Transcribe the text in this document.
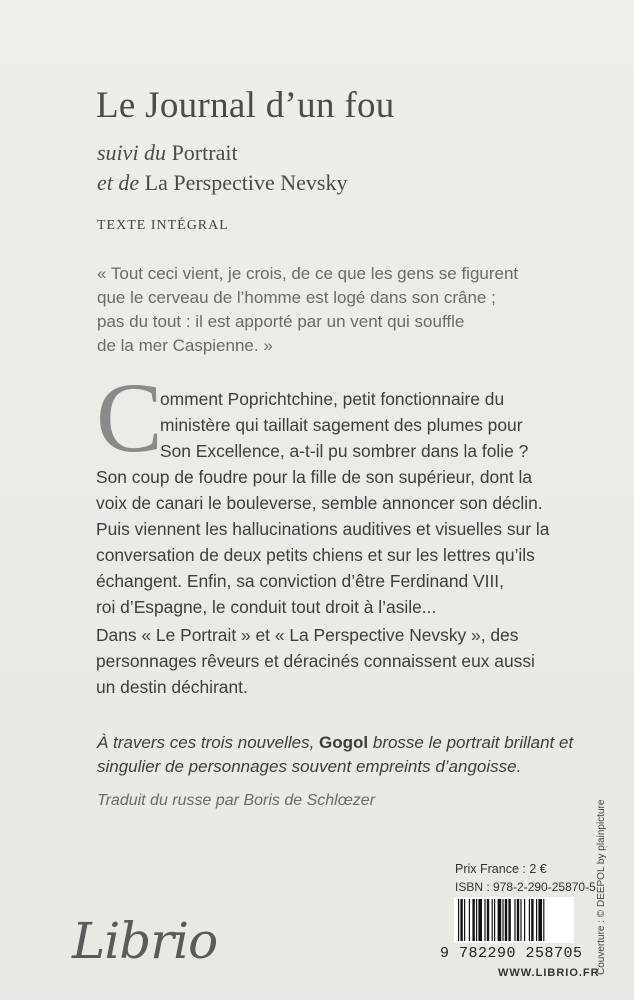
Le Journal d’un fou
suivi du Portrait
et de La Perspective Nevsky
TEXTE INTÉGRAL
« Tout ceci vient, je crois, de ce que les gens se figurent
que le cerveau de l’homme est logé dans son crâne ;
pas du tout : il est apporté par un vent qui souffle
de la mer Caspienne. »
C
omment Poprichtchine, petit fonctionnaire du
ministère qui taillait sagement des plumes pour
Son Excellence, a-t-il pu sombrer dans la folie ?
Son coup de foudre pour la fille de son supérieur, dont la
voix de canari le bouleverse, semble annoncer son déclin.
Puis viennent les hallucinations auditives et visuelles sur la
conversation de deux petits chiens et sur les lettres qu’ils
échangent. Enfin, sa conviction d’être Ferdinand VIII,
roi d’Espagne, le conduit tout droit à l’asile...
Dans « Le Portrait » et « La Perspective Nevsky », des
personnages rêveurs et déracinés connaissent eux aussi
un destin déchirant.
À travers ces trois nouvelles, Gogol brosse le portrait brillant et
singulier de personnages souvent empreints d’angoisse.
Traduit du russe par Boris de Schlœzer
Librio
Prix France : 2 €
ISBN : 978-2-290-25870-5
9 782290 258705
WWW.LIBRIO.FR
Couverture : © DEEPOL by plainpicture
